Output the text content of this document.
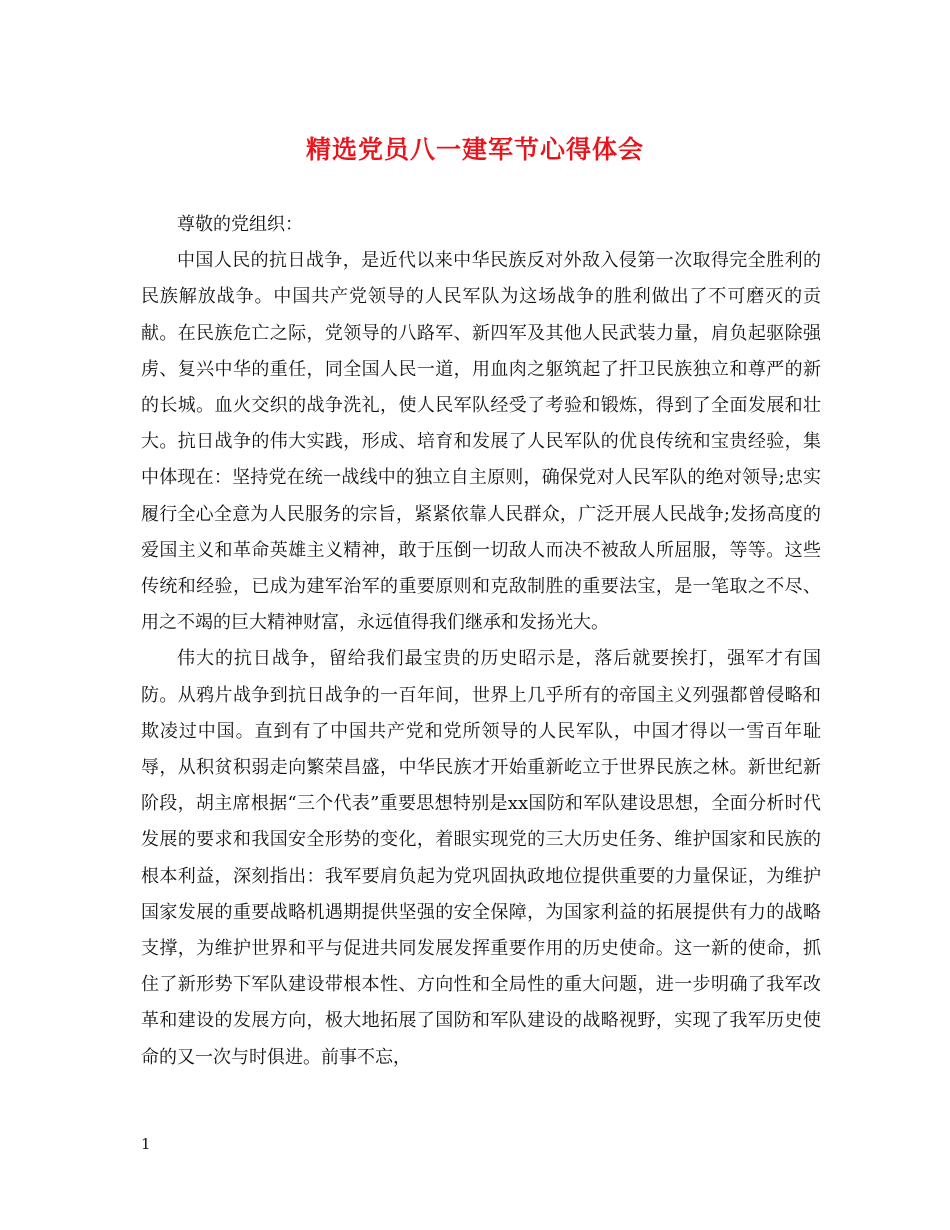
精选党员八一建军节心得体会

尊敬的党组织：

中国人民的抗日战争，是近代以来中华民族反对外敌入侵第一次取得完全胜利的民族解放战争。中国共产党领导的人民军队为这场战争的胜利做出了不可磨灭的贡献。在民族危亡之际，党领导的八路军、新四军及其他人民武装力量，肩负起驱除强虏、复兴中华的重任，同全国人民一道，用血肉之躯筑起了扞卫民族独立和尊严的新的长城。血火交织的战争洗礼，使人民军队经受了考验和锻炼，得到了全面发展和壮大。抗日战争的伟大实践，形成、培育和发展了人民军队的优良传统和宝贵经验，集中体现在：坚持党在统一战线中的独立自主原则，确保党对人民军队的绝对领导;忠实履行全心全意为人民服务的宗旨，紧紧依靠人民群众，广泛开展人民战争;发扬高度的爱国主义和革命英雄主义精神，敢于压倒一切敌人而决不被敌人所屈服，等等。这些传统和经验，已成为建军治军的重要原则和克敌制胜的重要法宝，是一笔取之不尽、用之不竭的巨大精神财富，永远值得我们继承和发扬光大。

伟大的抗日战争，留给我们最宝贵的历史昭示是，落后就要挨打，强军才有国防。从鸦片战争到抗日战争的一百年间，世界上几乎所有的帝国主义列强都曾侵略和欺凌过中国。直到有了中国共产党和党所领导的人民军队，中国才得以一雪百年耻辱，从积贫积弱走向繁荣昌盛，中华民族才开始重新屹立于世界民族之林。新世纪新阶段，胡主席根据“三个代表”重要思想特别是xx国防和军队建设思想，全面分析时代发展的要求和我国安全形势的变化，着眼实现党的三大历史任务、维护国家和民族的根本利益，深刻指出：我军要肩负起为党巩固执政地位提供重要的力量保证，为维护国家发展的重要战略机遇期提供坚强的安全保障，为国家利益的拓展提供有力的战略支撑，为维护世界和平与促进共同发展发挥重要作用的历史使命。这一新的使命，抓住了新形势下军队建设带根本性、方向性和全局性的重大问题，进一步明确了我军改革和建设的发展方向，极大地拓展了国防和军队建设的战略视野，实现了我军历史使命的又一次与时俱进。前事不忘，

1
